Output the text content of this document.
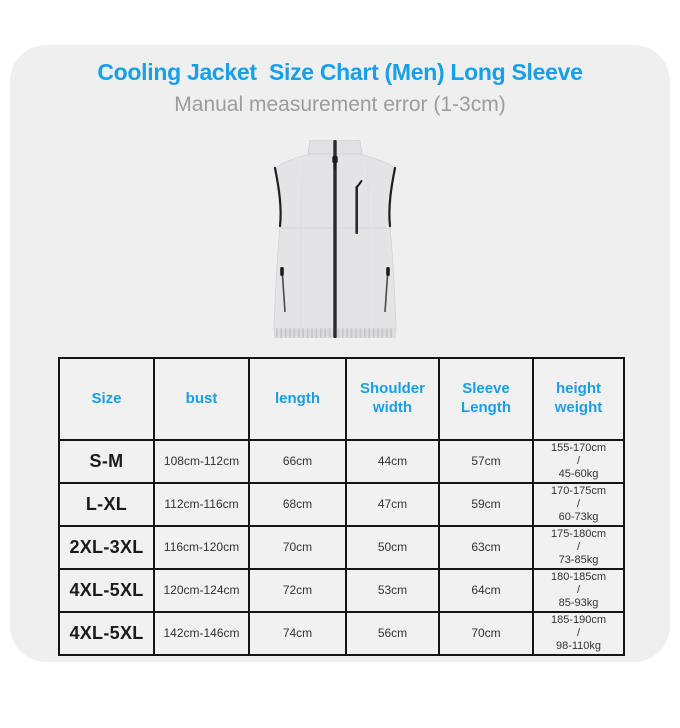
Cooling Jacket  Size Chart (Men) Long Sleeve
Manual measurement error (1-3cm)
Size	bust	length	Shoulder width	Sleeve Length	height weight
S-M	108cm-112cm	66cm	44cm	57cm	155-170cm
/
45-60kg
L-XL	112cm-116cm	68cm	47cm	59cm	170-175cm
/
60-73kg
2XL-3XL	116cm-120cm	70cm	50cm	63cm	175-180cm
/
73-85kg
4XL-5XL	120cm-124cm	72cm	53cm	64cm	180-185cm
/
85-93kg
4XL-5XL	142cm-146cm	74cm	56cm	70cm	185-190cm
/
98-110kg
